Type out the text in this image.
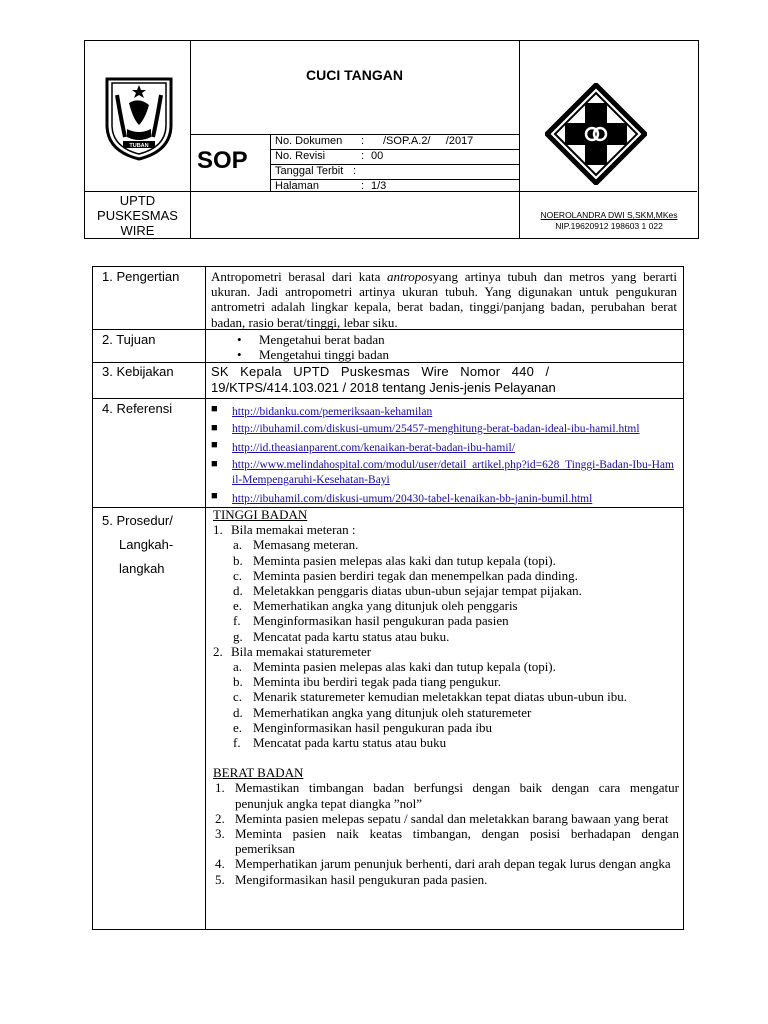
TUBAN
CUCI TANGAN
SOP
No. Dokumen : /SOP.A.2/     /2017
No. Revisi	: 00
Tanggal Terbit :
Halaman	: 1/3
UPTD
PUSKESMAS
WIRE
NOEROLANDRA DWI S,SKM,MKes
NIP.19620912 198603 1 022
1. Pengertian Antropometri berasal dari kata antroposyang artinya tubuh dan metros yang berarti ukuran. Jadi antropometri artinya ukuran tubuh. Yang digunakan untuk pengukuran antrometri adalah lingkar kepala, berat badan, tinggi/panjang badan, perubahan berat badan, rasio berat/tinggi, lebar siku.
2. Tujuan	• Mengetahui berat badan
• Mengetahui tinggi badan
3. Kebijakan	SK   Kepala   UPTD   Puskesmas   Wire   Nomor   440   /
19/KTPS/414.103.021 / 2018 tentang Jenis-jenis Pelayanan
4. Referensi	■ http://bidanku.com/pemeriksaan-kehamilan
■ http://ibuhamil.com/diskusi-umum/25457-menghitung-berat-badan-ideal-ibu-hamil.html
■ http://id.theasianparent.com/kenaikan-berat-badan-ibu-hamil/
■ http://www.melindahospital.com/modul/user/detail_artikel.php?id=628_Tinggi-Badan-Ibu-Hamil-Mempengaruhi-Kesehatan-Bayi
■ http://ibuhamil.com/diskusi-umum/20430-tabel-kenaikan-bb-janin-bumil.html
5. Prosedur/
Langkah-
langkah
TINGGI BADAN
1. Bila memakai meteran :
a. Memasang meteran.
b. Meminta pasien melepas alas kaki dan tutup kepala (topi).
c. Meminta pasien berdiri tegak dan menempelkan pada dinding.
d. Meletakkan penggaris diatas ubun-ubun sejajar tempat pijakan.
e. Memerhatikan angka yang ditunjuk oleh penggaris
f. Menginformasikan hasil pengukuran pada pasien
g. Mencatat pada kartu status atau buku.
2. Bila memakai staturemeter
a. Meminta pasien melepas alas kaki dan tutup kepala (topi).
b. Meminta ibu berdiri tegak pada tiang pengukur.
c. Menarik staturemeter kemudian meletakkan tepat diatas ubun-ubun ibu.
d. Memerhatikan angka yang ditunjuk oleh staturemeter
e. Menginformasikan hasil pengukuran pada ibu
f. Mencatat pada kartu status atau buku
BERAT BADAN
1. Memastikan timbangan badan berfungsi dengan baik dengan cara mengatur penunjuk angka tepat diangka ”nol”
2. Meminta pasien melepas sepatu / sandal dan meletakkan barang bawaan yang berat
3. Meminta pasien naik keatas timbangan, dengan posisi berhadapan dengan pemeriksan
4. Memperhatikan jarum penunjuk berhenti, dari arah depan tegak lurus dengan angka
5. Mengiformasikan hasil pengukuran pada pasien.
